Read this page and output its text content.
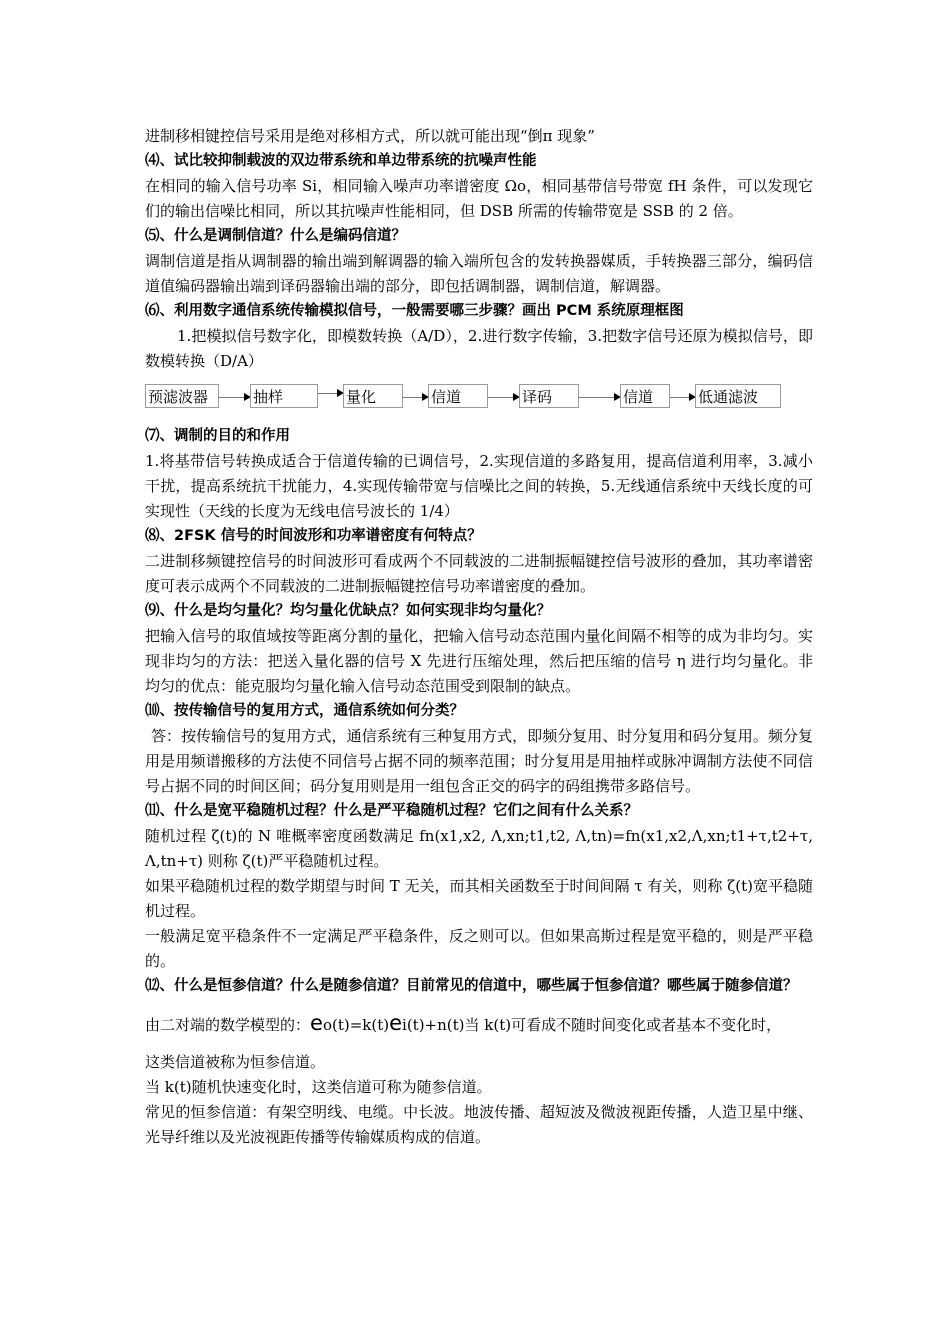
进制移相键控信号采用是绝对移相方式，所以就可能出现“倒π 现象”

⑷、试比较抑制载波的双边带系统和单边带系统的抗噪声性能

在相同的输入信号功率 Si，相同输入噪声功率谱密度 Ωo，相同基带信号带宽 fH 条件，可以发现它们的输出信噪比相同，所以其抗噪声性能相同，但 DSB 所需的传输带宽是 SSB 的 2 倍。

⑸、什么是调制信道？什么是编码信道？

调制信道是指从调制器的输出端到解调器的输入端所包含的发转换器媒质，手转换器三部分，编码信道值编码器输出端到译码器输出端的部分，即包括调制器，调制信道，解调器。

⑹、利用数字通信系统传输模拟信号，一般需要哪三步骤？画出 PCM 系统原理框图

1.把模拟信号数字化，即模数转换（A/D），2.进行数字传输，3.把数字信号还原为模拟信号，即数模转换（D/A）

预滤波器	抽样	量化	信道	译码	信道	低通滤波

⑺、调制的目的和作用

1.将基带信号转换成适合于信道传输的已调信号，2.实现信道的多路复用，提高信道利用率，3.减小干扰，提高系统抗干扰能力，4.实现传输带宽与信噪比之间的转换，5.无线通信系统中天线长度的可实现性（天线的长度为无线电信号波长的 1/4）

⑻、2FSK 信号的时间波形和功率谱密度有何特点？

二进制移频键控信号的时间波形可看成两个不同载波的二进制振幅键控信号波形的叠加，其功率谱密度可表示成两个不同载波的二进制振幅键控信号功率谱密度的叠加。

⑼、什么是均匀量化？均匀量化优缺点？如何实现非均匀量化？

把输入信号的取值域按等距离分割的量化，把输入信号动态范围内量化间隔不相等的成为非均匀。实现非均匀的方法：把送入量化器的信号 X 先进行压缩处理，然后把压缩的信号 η 进行均匀量化。非均匀的优点：能克服均匀量化输入信号动态范围受到限制的缺点。

⑽、按传输信号的复用方式，通信系统如何分类？

答：按传输信号的复用方式，通信系统有三种复用方式，即频分复用、时分复用和码分复用。频分复用是用频谱搬移的方法使不同信号占据不同的频率范围；时分复用是用抽样或脉冲调制方法使不同信号占据不同的时间区间；码分复用则是用一组包含正交的码字的码组携带多路信号。

⑾、什么是宽平稳随机过程？什么是严平稳随机过程？它们之间有什么关系？

随机过程 ζ(t)的 N 唯概率密度函数满足 fn(x1,x2, Λ,xn;t1,t2, Λ,tn)=fn(x1,x2,Λ,xn;t1+τ,t2+τ, Λ,tn+τ) 则称 ζ(t)严平稳随机过程。

如果平稳随机过程的数学期望与时间 T 无关，而其相关函数至于时间间隔 τ 有关，则称 ζ(t)宽平稳随机过程。

一般满足宽平稳条件不一定满足严平稳条件，反之则可以。但如果高斯过程是宽平稳的，则是严平稳的。

⑿、什么是恒参信道？什么是随参信道？目前常见的信道中，哪些属于恒参信道？哪些属于随参信道？

由二对端的数学模型的：eo(t)=k(t)ei(t)+n(t)当 k(t)可看成不随时间变化或者基本不变化时，

这类信道被称为恒参信道。

当 k(t)随机快速变化时，这类信道可称为随参信道。

常见的恒参信道：有架空明线、电缆。中长波。地波传播、超短波及微波视距传播，人造卫星中继、光导纤维以及光波视距传播等传输媒质构成的信道。
